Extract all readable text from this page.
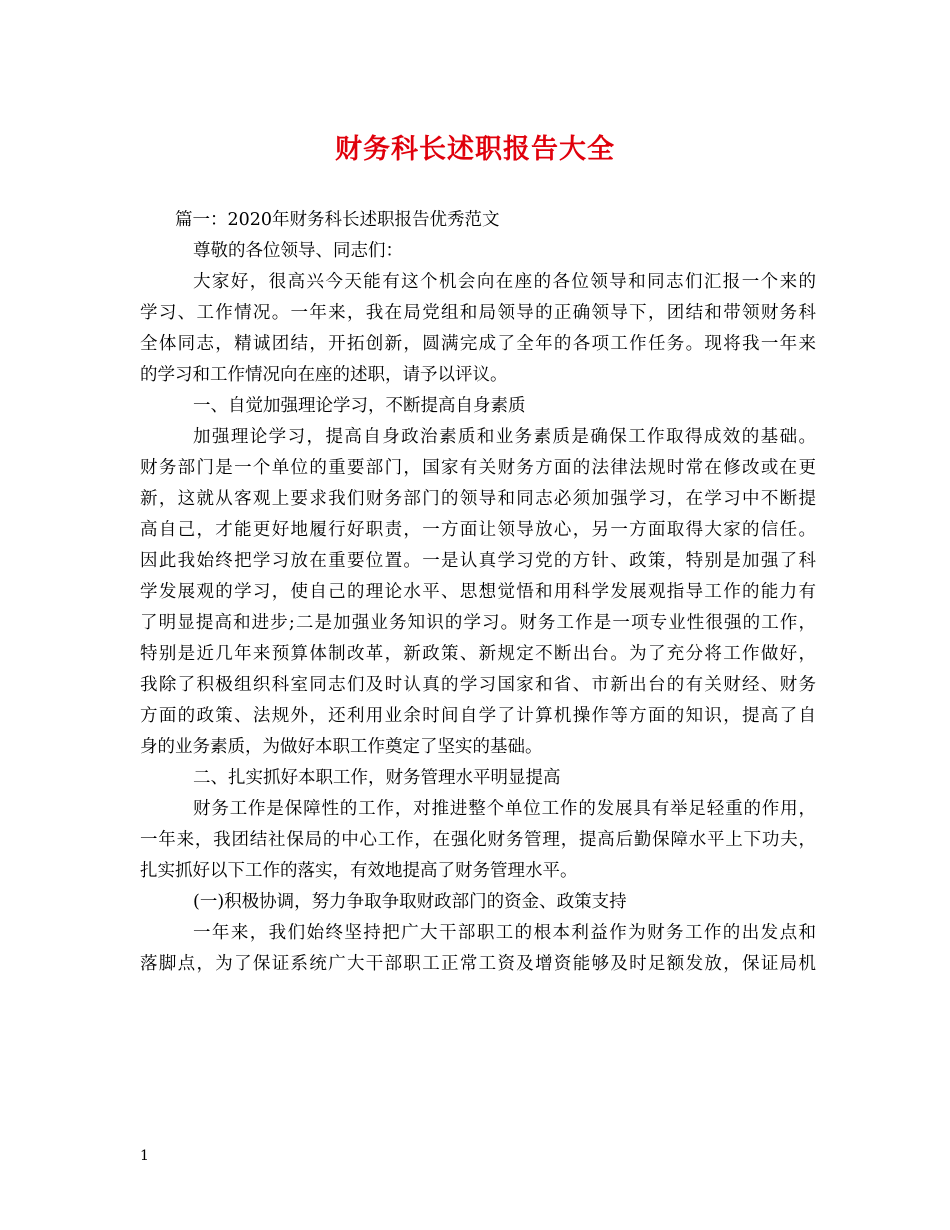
财务科长述职报告大全
篇一：2020年财务科长述职报告优秀范文
尊敬的各位领导、同志们：
大家好，很高兴今天能有这个机会向在座的各位领导和同志们汇报一个来的
学习、工作情况。一年来，我在局党组和局领导的正确领导下，团结和带领财务科
全体同志，精诚团结，开拓创新，圆满完成了全年的各项工作任务。现将我一年来
的学习和工作情况向在座的述职，请予以评议。
一、自觉加强理论学习，不断提高自身素质
加强理论学习，提高自身政治素质和业务素质是确保工作取得成效的基础。
财务部门是一个单位的重要部门，国家有关财务方面的法律法规时常在修改或在更
新，这就从客观上要求我们财务部门的领导和同志必须加强学习，在学习中不断提
高自己，才能更好地履行好职责，一方面让领导放心，另一方面取得大家的信任。
因此我始终把学习放在重要位置。一是认真学习党的方针、政策，特别是加强了科
学发展观的学习，使自己的理论水平、思想觉悟和用科学发展观指导工作的能力有
了明显提高和进步;二是加强业务知识的学习。财务工作是一项专业性很强的工作，
特别是近几年来预算体制改革，新政策、新规定不断出台。为了充分将工作做好，
我除了积极组织科室同志们及时认真的学习国家和省、市新出台的有关财经、财务
方面的政策、法规外，还利用业余时间自学了计算机操作等方面的知识，提高了自
身的业务素质，为做好本职工作奠定了坚实的基础。
二、扎实抓好本职工作，财务管理水平明显提高
财务工作是保障性的工作，对推进整个单位工作的发展具有举足轻重的作用，
一年来，我团结社保局的中心工作，在强化财务管理，提高后勤保障水平上下功夫，
扎实抓好以下工作的落实，有效地提高了财务管理水平。
(一)积极协调，努力争取争取财政部门的资金、政策支持
一年来，我们始终坚持把广大干部职工的根本利益作为财务工作的出发点和
落脚点，为了保证系统广大干部职工正常工资及增资能够及时足额发放，保证局机
1
